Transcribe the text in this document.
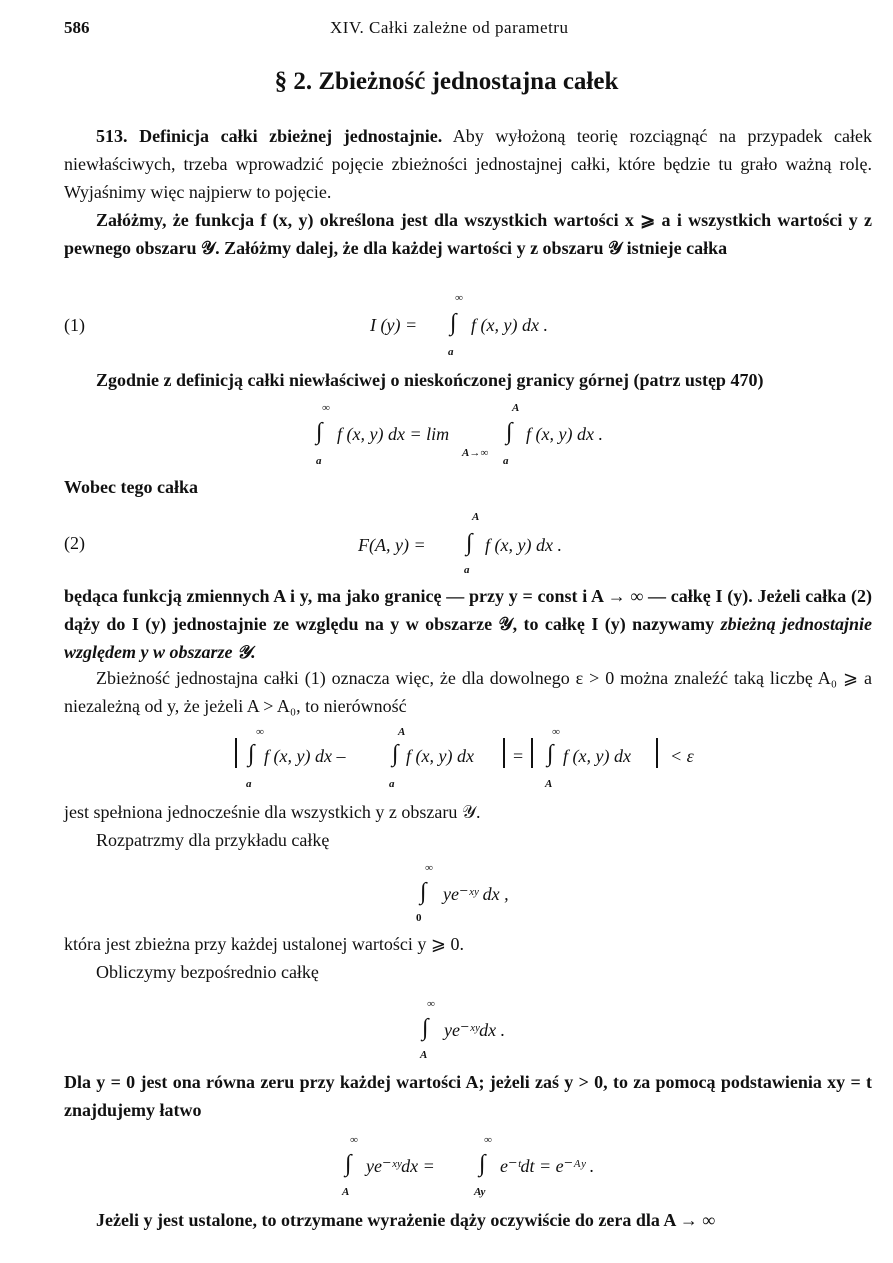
586	XIV. Całki zależne od parametru
§ 2. Zbieżność jednostajna całek

513. Definicja całki zbieżnej jednostajnie. Aby wyłożoną teorię rozciągnąć na przypadek całek niewłaściwych, trzeba wprowadzić pojęcie zbieżności jednostajnej całki, które będzie tu grało ważną rolę. Wyjaśnimy więc najpierw to pojęcie.

Załóżmy, że funkcja f (x, y) określona jest dla wszystkich wartości x ⩾ a i wszystkich wartości y z pewnego obszaru 𝒴. Załóżmy dalej, że dla każdej wartości y z obszaru 𝒴 istnieje całka

(1)	I (y) =
∞
∫
a
f (x, y) dx .

Zgodnie z definicją całki niewłaściwej o nieskończonej granicy górnej (patrz ustęp 470)

∞
∫
a
f (x, y) dx = lim
A→∞
A
∫
a
f (x, y) dx .

Wobec tego całka

(2)	F(A, y) =
A
∫
a
f (x, y) dx .

będąca funkcją zmiennych A i y, ma jako granicę — przy y = const i A → ∞ — całkę I (y). Jeżeli całka (2) dąży do I (y) jednostajnie ze względu na y w obszarze 𝒴, to całkę I (y) nazywamy zbieżną jednostajnie względem y w obszarze 𝒴.

Zbieżność jednostajna całki (1) oznacza więc, że dla dowolnego ε > 0 można znaleźć taką liczbę A₀ ⩾ a niezależną od y, że jeżeli A > A₀, to nierówność

∞
∫
a
f (x, y) dx –
A
∫
a
f (x, y) dx =
∞
∫
A
f (x, y) dx < ε

jest spełniona jednocześnie dla wszystkich y z obszaru 𝒴.

Rozpatrzmy dla przykładu całkę

∞
∫
0
ye⁻ˣʸ dx ,

która jest zbieżna przy każdej ustalonej wartości y ⩾ 0.

Obliczymy bezpośrednio całkę

∞
∫
A
ye⁻ˣʸdx .

Dla y = 0 jest ona równa zeru przy każdej wartości A; jeżeli zaś y > 0, to za pomocą podstawienia xy = t znajdujemy łatwo

∞
∫
A
ye⁻ˣʸdx =
∞
∫
Ay
e⁻ᵗdt = e⁻ᴬʸ .

Jeżeli y jest ustalone, to otrzymane wyrażenie dąży oczywiście do zera dla A → ∞
